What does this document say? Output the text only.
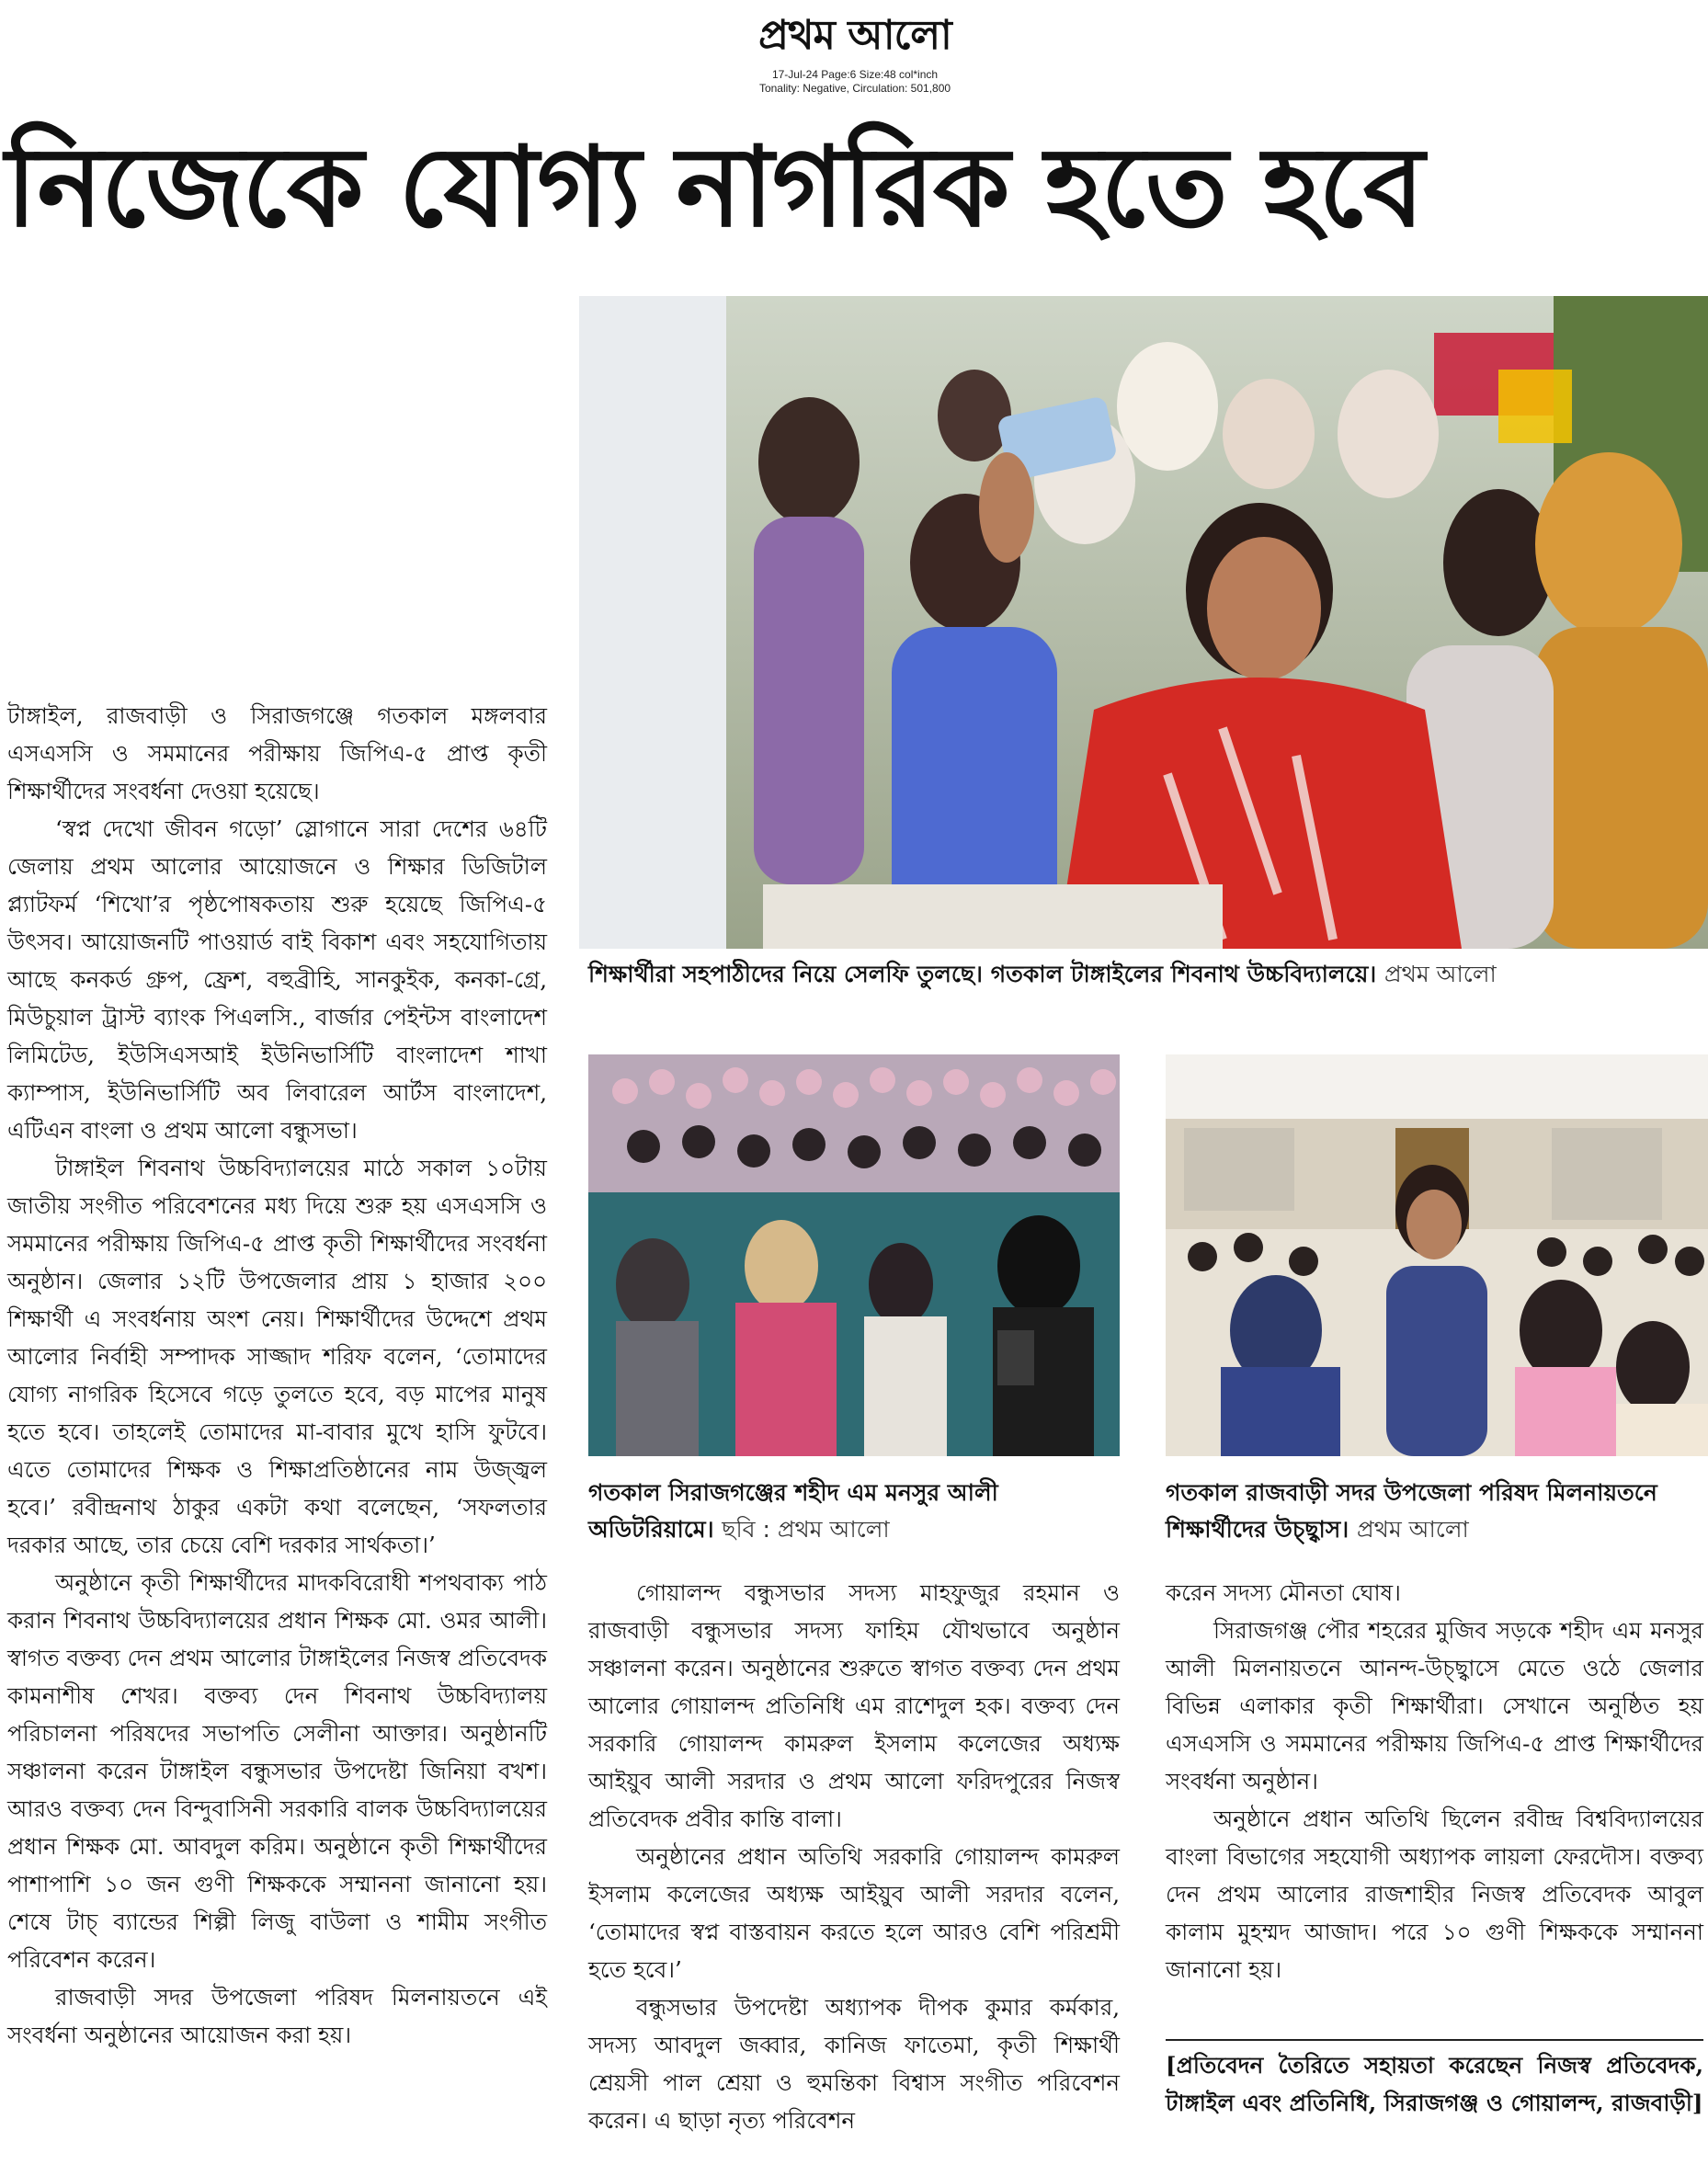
প্রথম আলো
17-Jul-24 Page:6 Size:48 col*inch
Tonality: Negative, Circulation: 501,800
নিজেকে যোগ্য নাগরিক হতে হবে
শিক্ষার্থীরা সহপাঠীদের নিয়ে সেলফি তুলছে। গতকাল টাঙ্গাইলের শিবনাথ উচ্চবিদ্যালয়ে। প্রথম আলো
গতকাল সিরাজগঞ্জের শহীদ এম মনসুর আলী অডিটরিয়ামে। ছবি : প্রথম আলো
গতকাল রাজবাড়ী সদর উপজেলা পরিষদ মিলনায়তনে শিক্ষার্থীদের উচ্ছ্বাস। প্রথম আলো

টাঙ্গাইল, রাজবাড়ী ও সিরাজগঞ্জে গতকাল মঙ্গলবার এসএসসি ও সমমানের পরীক্ষায় জিপিএ-৫ প্রাপ্ত কৃতী শিক্ষার্থীদের সংবর্ধনা দেওয়া হয়েছে।

‘স্বপ্ন দেখো জীবন গড়ো’ স্লোগানে সারা দেশের ৬৪টি জেলায় প্রথম আলোর আয়োজনে ও শিক্ষার ডিজিটাল প্ল্যাটফর্ম ‘শিখো’র পৃষ্ঠপোষকতায় শুরু হয়েছে জিপিএ-৫ উৎসব। আয়োজনটি পাওয়ার্ড বাই বিকাশ এবং সহযোগিতায় আছে কনকর্ড গ্রুপ, ফ্রেশ, বহুব্রীহি, সানকুইক, কনকা-গ্রে, মিউচুয়াল ট্রাস্ট ব্যাংক পিএলসি., বার্জার পেইন্টস বাংলাদেশ লিমিটেড, ইউসিএসআই ইউনিভার্সিটি বাংলাদেশ শাখা ক্যাম্পাস, ইউনিভার্সিটি অব লিবারেল আর্টস বাংলাদেশ, এটিএন বাংলা ও প্রথম আলো বন্ধুসভা।

টাঙ্গাইল শিবনাথ উচ্চবিদ্যালয়ের মাঠে সকাল ১০টায় জাতীয় সংগীত পরিবেশনের মধ্য দিয়ে শুরু হয় এসএসসি ও সমমানের পরীক্ষায় জিপিএ-৫ প্রাপ্ত কৃতী শিক্ষার্থীদের সংবর্ধনা অনুষ্ঠান। জেলার ১২টি উপজেলার প্রায় ১ হাজার ২০০ শিক্ষার্থী এ সংবর্ধনায় অংশ নেয়। শিক্ষার্থীদের উদ্দেশে প্রথম আলোর নির্বাহী সম্পাদক সাজ্জাদ শরিফ বলেন, ‘তোমাদের যোগ্য নাগরিক হিসেবে গড়ে তুলতে হবে, বড় মাপের মানুষ হতে হবে। তাহলেই তোমাদের মা-বাবার মুখে হাসি ফুটবে। এতে তোমাদের শিক্ষক ও শিক্ষাপ্রতিষ্ঠানের নাম উজ্জ্বল হবে।’ রবীন্দ্রনাথ ঠাকুর একটা কথা বলেছেন, ‘সফলতার দরকার আছে, তার চেয়ে বেশি দরকার সার্থকতা।’

অনুষ্ঠানে কৃতী শিক্ষার্থীদের মাদকবিরোধী শপথবাক্য পাঠ করান শিবনাথ উচ্চবিদ্যালয়ের প্রধান শিক্ষক মো. ওমর আলী। স্বাগত বক্তব্য দেন প্রথম আলোর টাঙ্গাইলের নিজস্ব প্রতিবেদক কামনাশীষ শেখর। বক্তব্য দেন শিবনাথ উচ্চবিদ্যালয় পরিচালনা পরিষদের সভাপতি সেলীনা আক্তার। অনুষ্ঠানটি সঞ্চালনা করেন টাঙ্গাইল বন্ধুসভার উপদেষ্টা জিনিয়া বখশ। আরও বক্তব্য দেন বিন্দুবাসিনী সরকারি বালক উচ্চবিদ্যালয়ের প্রধান শিক্ষক মো. আবদুল করিম। অনুষ্ঠানে কৃতী শিক্ষার্থীদের পাশাপাশি ১০ জন গুণী শিক্ষককে সম্মাননা জানানো হয়। শেষে টাচ্ ব্যান্ডের শিল্পী লিজু বাউলা ও শামীম সংগীত পরিবেশন করেন।

রাজবাড়ী সদর উপজেলা পরিষদ মিলনায়তনে এই সংবর্ধনা অনুষ্ঠানের আয়োজন করা হয়।

গোয়ালন্দ বন্ধুসভার সদস্য মাহফুজুর রহমান ও রাজবাড়ী বন্ধুসভার সদস্য ফাহিম যৌথভাবে অনুষ্ঠান সঞ্চালনা করেন। অনুষ্ঠানের শুরুতে স্বাগত বক্তব্য দেন প্রথম আলোর গোয়ালন্দ প্রতিনিধি এম রাশেদুল হক। বক্তব্য দেন সরকারি গোয়ালন্দ কামরুল ইসলাম কলেজের অধ্যক্ষ আইয়ুব আলী সরদার ও প্রথম আলো ফরিদপুরের নিজস্ব প্রতিবেদক প্রবীর কান্তি বালা।

অনুষ্ঠানের প্রধান অতিথি সরকারি গোয়ালন্দ কামরুল ইসলাম কলেজের অধ্যক্ষ আইয়ুব আলী সরদার বলেন, ‘তোমাদের স্বপ্ন বাস্তবায়ন করতে হলে আরও বেশি পরিশ্রমী হতে হবে।’

বন্ধুসভার উপদেষ্টা অধ্যাপক দীপক কুমার কর্মকার, সদস্য আবদুল জব্বার, কানিজ ফাতেমা, কৃতী শিক্ষার্থী শ্রেয়সী পাল শ্রেয়া ও হুমন্তিকা বিশ্বাস সংগীত পরিবেশন করেন। এ ছাড়া নৃত্য পরিবেশন

করেন সদস্য মৌনতা ঘোষ।

সিরাজগঞ্জ পৌর শহরের মুজিব সড়কে শহীদ এম মনসুর আলী মিলনায়তনে আনন্দ-উচ্ছ্বাসে মেতে ওঠে জেলার বিভিন্ন এলাকার কৃতী শিক্ষার্থীরা। সেখানে অনুষ্ঠিত হয় এসএসসি ও সমমানের পরীক্ষায় জিপিএ-৫ প্রাপ্ত শিক্ষার্থীদের সংবর্ধনা অনুষ্ঠান।

অনুষ্ঠানে প্রধান অতিথি ছিলেন রবীন্দ্র বিশ্ববিদ্যালয়ের বাংলা বিভাগের সহযোগী অধ্যাপক লায়লা ফেরদৌস। বক্তব্য দেন প্রথম আলোর রাজশাহীর নিজস্ব প্রতিবেদক আবুল কালাম মুহম্মদ আজাদ। পরে ১০ গুণী শিক্ষককে সম্মাননা জানানো হয়।

[প্রতিবেদন তৈরিতে সহায়তা করেছেন নিজস্ব প্রতিবেদক, টাঙ্গাইল এবং প্রতিনিধি, সিরাজগঞ্জ ও গোয়ালন্দ, রাজবাড়ী]
